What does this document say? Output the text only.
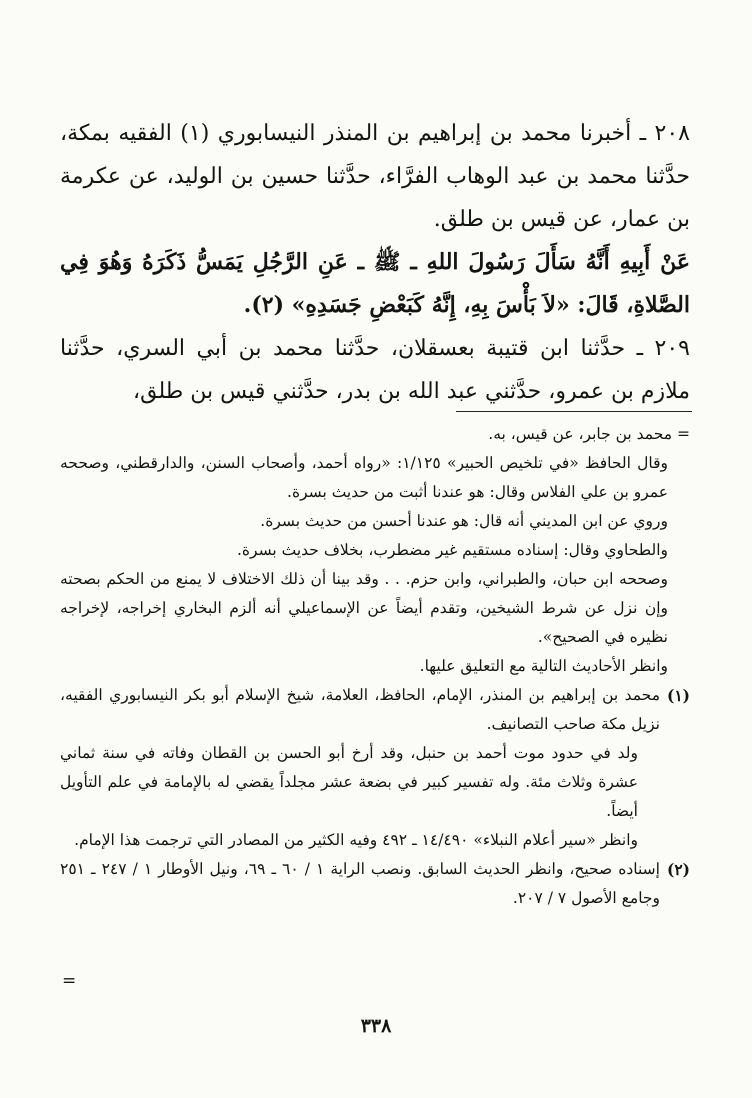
٢٠٨ ـ أخبرنا محمد بن إبراهيم بن المنذر النيسابوري (١) الفقيه بمكة، حدَّثنا محمد بن عبد الوهاب الفرَّاء، حدَّثنا حسين بن الوليد، عن عكرمة بن عمار، عن قيس بن طلق.

عَنْ أَبِيهِ أَنَّهُ سَأَلَ رَسُولَ اللهِ ـ ﷺ ـ عَنِ الرَّجُلِ يَمَسُّ ذَكَرَهُ وَهُوَ فِي الصَّلاةِ، قَالَ: «لاَ بَأْسَ بِهِ، إِنَّهُ كَبَعْضِ جَسَدِهِ» (٢).

٢٠٩ ـ حدَّثنا ابن قتيبة بعسقلان، حدَّثنا محمد بن أبي السري، حدَّثنا ملازم بن عمرو، حدَّثني عبد الله بن بدر، حدَّثني قيس بن طلق،

= محمد بن جابر، عن قيس، به.

وقال الحافظ «في تلخيص الحبير» ١/١٢٥: «رواه أحمد، وأصحاب السنن، والدارقطني، وصححه عمرو بن علي الفلاس وقال: هو عندنا أثبت من حديث بسرة.

وروي عن ابن المديني أنه قال: هو عندنا أحسن من حديث بسرة.

والطحاوي وقال: إسناده مستقيم غير مضطرب، بخلاف حديث بسرة.

وصححه ابن حبان، والطبراني، وابن حزم. . . وقد بينا أن ذلك الاختلاف لا يمنع من الحكم بصحته وإن نزل عن شرط الشيخين، وتقدم أيضاً عن الإسماعيلي أنه ألزم البخاري إخراجه، لإخراجه نظيره في الصحيح».

وانظر الأحاديث التالية مع التعليق عليها.

(١)

محمد بن إبراهيم بن المنذر، الإمام، الحافظ، العلامة، شيخ الإسلام أبو بكر النيسابوري الفقيه، نزيل مكة صاحب التصانيف.

ولد في حدود موت أحمد بن حنبل، وقد أرخ أبو الحسن بن القطان وفاته في سنة ثماني عشرة وثلاث مئة. وله تفسير كبير في بضعة عشر مجلداً يقضي له بالإمامة في علم التأويل أيضاً.

وانظر «سير أعلام النبلاء» ١٤/٤٩٠ ـ ٤٩٢ وفيه الكثير من المصادر التي ترجمت هذا الإمام.

(٢)

إسناده صحيح، وانظر الحديث السابق. ونصب الراية ١ / ٦٠ ـ ٦٩، ونيل الأوطار ١ / ٢٤٧ ـ ٢٥١ وجامع الأصول ٧ / ٢٠٧.

=
٣٣٨
